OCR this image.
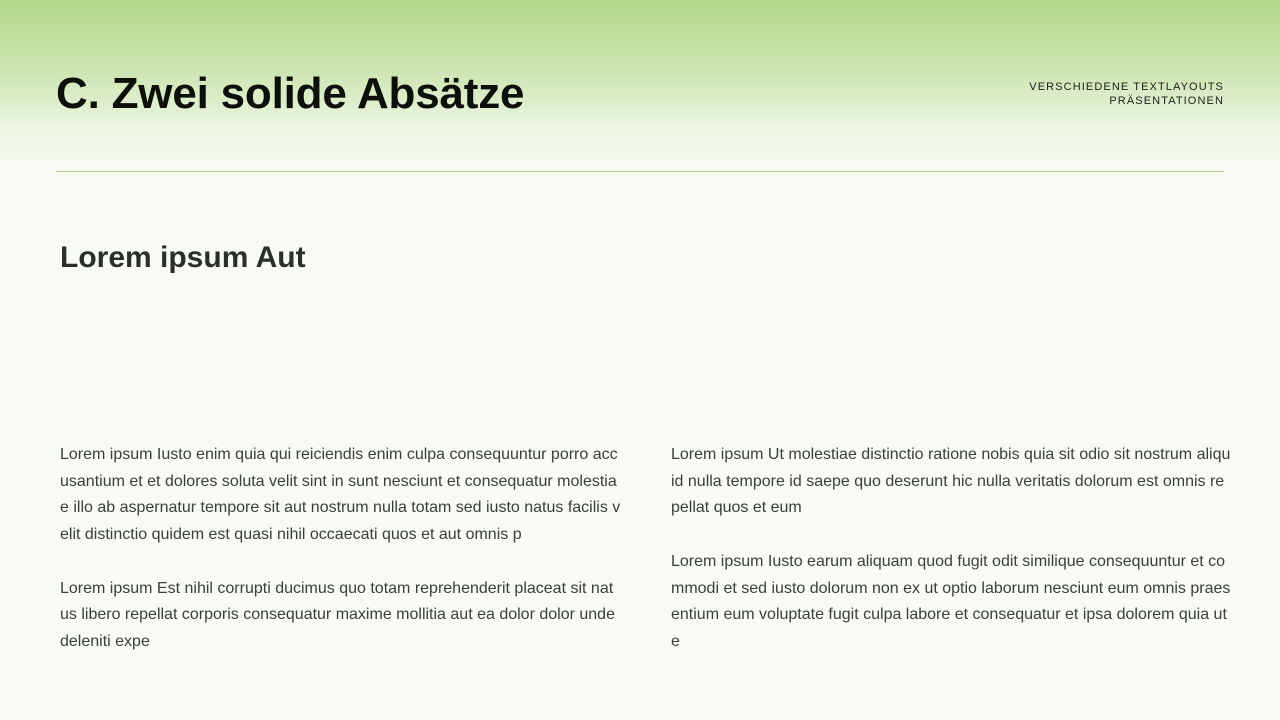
C. Zwei solide Absätze	VERSCHIEDENE TEXTLAYOUTS
PRÄSENTATIONEN
Lorem ipsum Aut

Lorem ipsum Iusto enim quia qui reiciendis enim culpa consequuntur porro accusantium et et dolores soluta velit sint in sunt nesciunt et consequatur molestiae illo ab aspernatur tempore sit aut nostrum nulla totam sed iusto natus facilis velit distinctio quidem est quasi nihil occaecati quos et aut omnis p

Lorem ipsum Est nihil corrupti ducimus quo totam reprehenderit placeat sit natus libero repellat corporis consequatur maxime mollitia aut ea dolor dolor unde deleniti expe

Lorem ipsum Ut molestiae distinctio ratione nobis quia sit odio sit nostrum aliquid nulla tempore id saepe quo deserunt hic nulla veritatis dolorum est omnis repellat quos et eum

Lorem ipsum Iusto earum aliquam quod fugit odit similique consequuntur et commodi et sed iusto dolorum non ex ut optio laborum nesciunt eum omnis praesentium eum voluptate fugit culpa labore et consequatur et ipsa dolorem quia ut e
